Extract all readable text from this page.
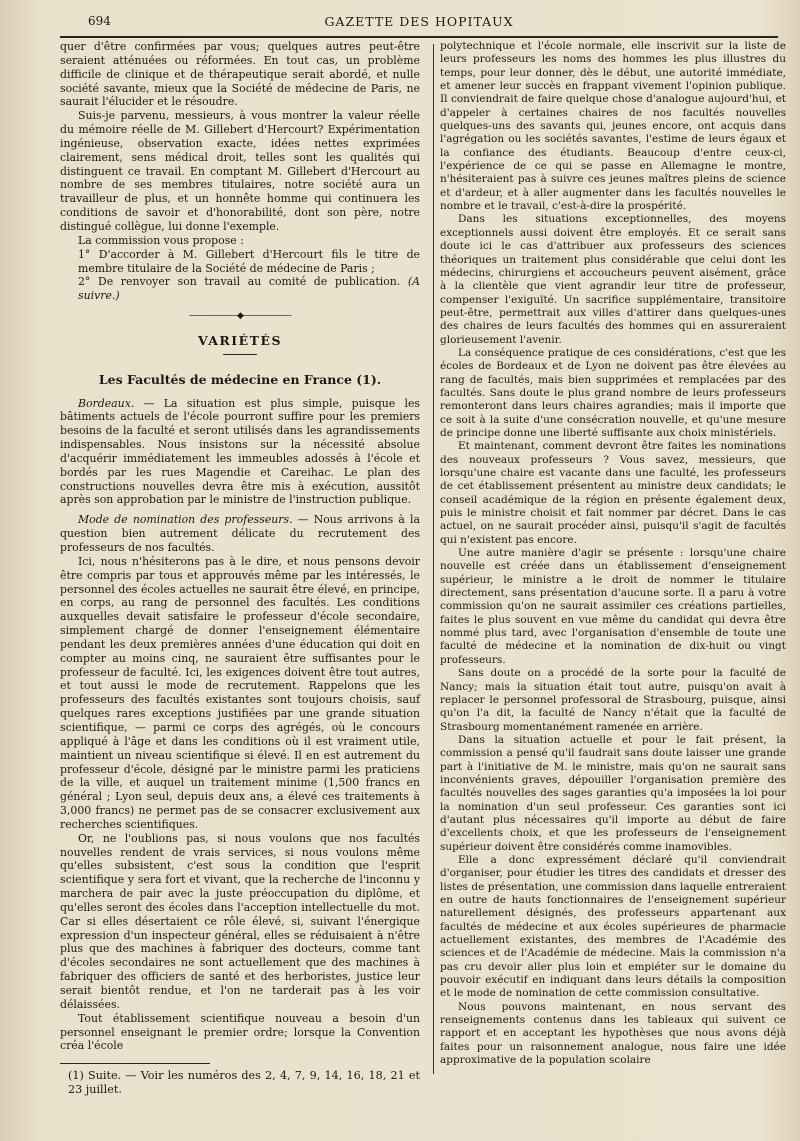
694	GAZETTE DES HOPITAUX

quer d'être confirmées par vous; quelques autres peut-être seraient atténuées ou réformées. En tout cas, un problème difficile de clinique et de thérapeutique serait abordé, et nulle société savante, mieux que la Société de médecine de Paris, ne saurait l'élucider et le résoudre.

Suis-je parvenu, messieurs, à vous montrer la valeur réelle du mémoire réelle de M. Gillebert d'Hercourt? Expérimentation ingénieuse, observation exacte, idées nettes exprimées clairement, sens médical droit, telles sont les qualités qui distinguent ce travail. En comptant M. Gillebert d'Hercourt au nombre de ses membres titulaires, notre société aura un travailleur de plus, et un honnête homme qui continuera les conditions de savoir et d'honorabilité, dont son père, notre distingué collègue, lui donne l'exemple.

La commission vous propose :

1° D'accorder à M. Gillebert d'Hercourt fils le titre de membre titulaire de la Société de médecine de Paris ;

2° De renvoyer son travail au comité de publication. (A suivre.)

——————◆——————
VARIÉTÉS
Les Facultés de médecine en France (1).

Bordeaux. — La situation est plus simple, puisque les bâtiments actuels de l'école pourront suffire pour les premiers besoins de la faculté et seront utilisés dans les agrandissements indispensables. Nous insistons sur la nécessité absolue d'acquérir immédiatement les immeubles adossés à l'école et bordés par les rues Magendie et Careihac. Le plan des constructions nouvelles devra être mis à exécution, aussitôt après son approbation par le ministre de l'instruction publique.

Mode de nomination des professeurs. — Nous arrivons à la question bien autrement délicate du recrutement des professeurs de nos facultés.

Ici, nous n'hésiterons pas à le dire, et nous pensons devoir être compris par tous et approuvés même par les intéressés, le personnel des écoles actuelles ne saurait être élevé, en principe, en corps, au rang de personnel des facultés. Les conditions auxquelles devait satisfaire le professeur d'école secondaire, simplement chargé de donner l'enseignement élémentaire pendant les deux premières années d'une éducation qui doit en compter au moins cinq, ne sauraient être suffisantes pour le professeur de faculté. Ici, les exigences doivent être tout autres, et tout aussi le mode de recrutement. Rappelons que les professeurs des facultés existantes sont toujours choisis, sauf quelques rares exceptions justifiées par une grande situation scientifique, — parmi ce corps des agrégés, où le concours appliqué à l'âge et dans les conditions où il est vraiment utile, maintient un niveau scientifique si élevé. Il en est autrement du professeur d'école, désigné par le ministre parmi les praticiens de la ville, et auquel un traitement minime (1,500 francs en général ; Lyon seul, depuis deux ans, a élevé ces traitements à 3,000 francs) ne permet pas de se consacrer exclusivement aux recherches scientifiques.

Or, ne l'oublions pas, si nous voulons que nos facultés nouvelles rendent de vrais services, si nous voulons même qu'elles subsistent, c'est sous la condition que l'esprit scientifique y sera fort et vivant, que la recherche de l'inconnu y marchera de pair avec la juste préoccupation du diplôme, et qu'elles seront des écoles dans l'acception intellectuelle du mot. Car si elles désertaient ce rôle élevé, si, suivant l'énergique expression d'un inspecteur général, elles se réduisaient à n'être plus que des machines à fabriquer des docteurs, comme tant d'écoles secondaires ne sont actuellement que des machines à fabriquer des officiers de santé et des herboristes, justice leur serait bientôt rendue, et l'on ne tarderait pas à les voir délaissées.

Tout établissement scientifique nouveau a besoin d'un personnel enseignant le premier ordre; lorsque la Convention créa l'école

(1) Suite. — Voir les numéros des 2, 4, 7, 9, 14, 16, 18, 21 et 23 juillet.

polytechnique et l'école normale, elle inscrivit sur la liste de leurs professeurs les noms des hommes les plus illustres du temps, pour leur donner, dès le début, une autorité immédiate, et amener leur succès en frappant vivement l'opinion publique. Il conviendrait de faire quelque chose d'analogue aujourd'hui, et d'appeler à certaines chaires de nos facultés nouvelles quelques-uns des savants qui, jeunes encore, ont acquis dans l'agrégation ou les sociétés savantes, l'estime de leurs égaux et la confiance des étudiants. Beaucoup d'entre ceux-ci, l'expérience de ce qui se passe en Allemagne le montre, n'hésiteraient pas à suivre ces jeunes maîtres pleins de science et d'ardeur, et à aller augmenter dans les facultés nouvelles le nombre et le travail, c'est-à-dire la prospérité.

Dans les situations exceptionnelles, des moyens exceptionnels aussi doivent être employés. Et ce serait sans doute ici le cas d'attribuer aux professeurs des sciences théoriques un traitement plus considérable que celui dont les médecins, chirurgiens et accoucheurs peuvent aisément, grâce à la clientèle que vient agrandir leur titre de professeur, compenser l'exiguïté. Un sacrifice supplémentaire, transitoire peut-être, permettrait aux villes d'attirer dans quelques-unes des chaires de leurs facultés des hommes qui en assureraient glorieusement l'avenir.

La conséquence pratique de ces considérations, c'est que les écoles de Bordeaux et de Lyon ne doivent pas être élevées au rang de facultés, mais bien supprimées et remplacées par des facultés. Sans doute le plus grand nombre de leurs professeurs remonteront dans leurs chaires agrandies; mais il importe que ce soit à la suite d'une consécration nouvelle, et qu'une mesure de principe donne une liberté suffisante aux choix ministériels.

Et maintenant, comment devront être faites les nominations des nouveaux professeurs ? Vous savez, messieurs, que lorsqu'une chaire est vacante dans une faculté, les professeurs de cet établissement présentent au ministre deux candidats; le conseil académique de la région en présente également deux, puis le ministre choisit et fait nommer par décret. Dans le cas actuel, on ne saurait procéder ainsi, puisqu'il s'agit de facultés qui n'existent pas encore.

Une autre manière d'agir se présente : lorsqu'une chaire nouvelle est créée dans un établissement d'enseignement supérieur, le ministre a le droit de nommer le titulaire directement, sans présentation d'aucune sorte. Il a paru à votre commission qu'on ne saurait assimiler ces créations partielles, faites le plus souvent en vue même du candidat qui devra être nommé plus tard, avec l'organisation d'ensemble de toute une faculté de médecine et la nomination de dix-huit ou vingt professeurs.

Sans doute on a procédé de la sorte pour la faculté de Nancy; mais la situation était tout autre, puisqu'on avait à replacer le personnel professoral de Strasbourg, puisque, ainsi qu'on l'a dit, la faculté de Nancy n'était que la faculté de Strasbourg momentanément ramenée en arrière.

Dans la situation actuelle et pour le fait présent, la commission a pensé qu'il faudrait sans doute laisser une grande part à l'initiative de M. le ministre, mais qu'on ne saurait sans inconvénients graves, dépouiller l'organisation première des facultés nouvelles des sages garanties qu'a imposées la loi pour la nomination d'un seul professeur. Ces garanties sont ici d'autant plus nécessaires qu'il importe au début de faire d'excellents choix, et que les professeurs de l'enseignement supérieur doivent être considérés comme inamovibles.

Elle a donc expressément déclaré qu'il conviendrait d'organiser, pour étudier les titres des candidats et dresser des listes de présentation, une commission dans laquelle entreraient en outre de hauts fonctionnaires de l'enseignement supérieur naturellement désignés, des professeurs appartenant aux facultés de médecine et aux écoles supérieures de pharmacie actuellement existantes, des membres de l'Académie des sciences et de l'Académie de médecine. Mais la commission n'a pas cru devoir aller plus loin et empiéter sur le domaine du pouvoir exécutif en indiquant dans leurs détails la composition et le mode de nomination de cette commission consultative.

Nous pouvons maintenant, en nous servant des renseignements contenus dans les tableaux qui suivent ce rapport et en acceptant les hypothèses que nous avons déjà faites pour un raisonnement analogue, nous faire une idée approximative de la population scolaire
